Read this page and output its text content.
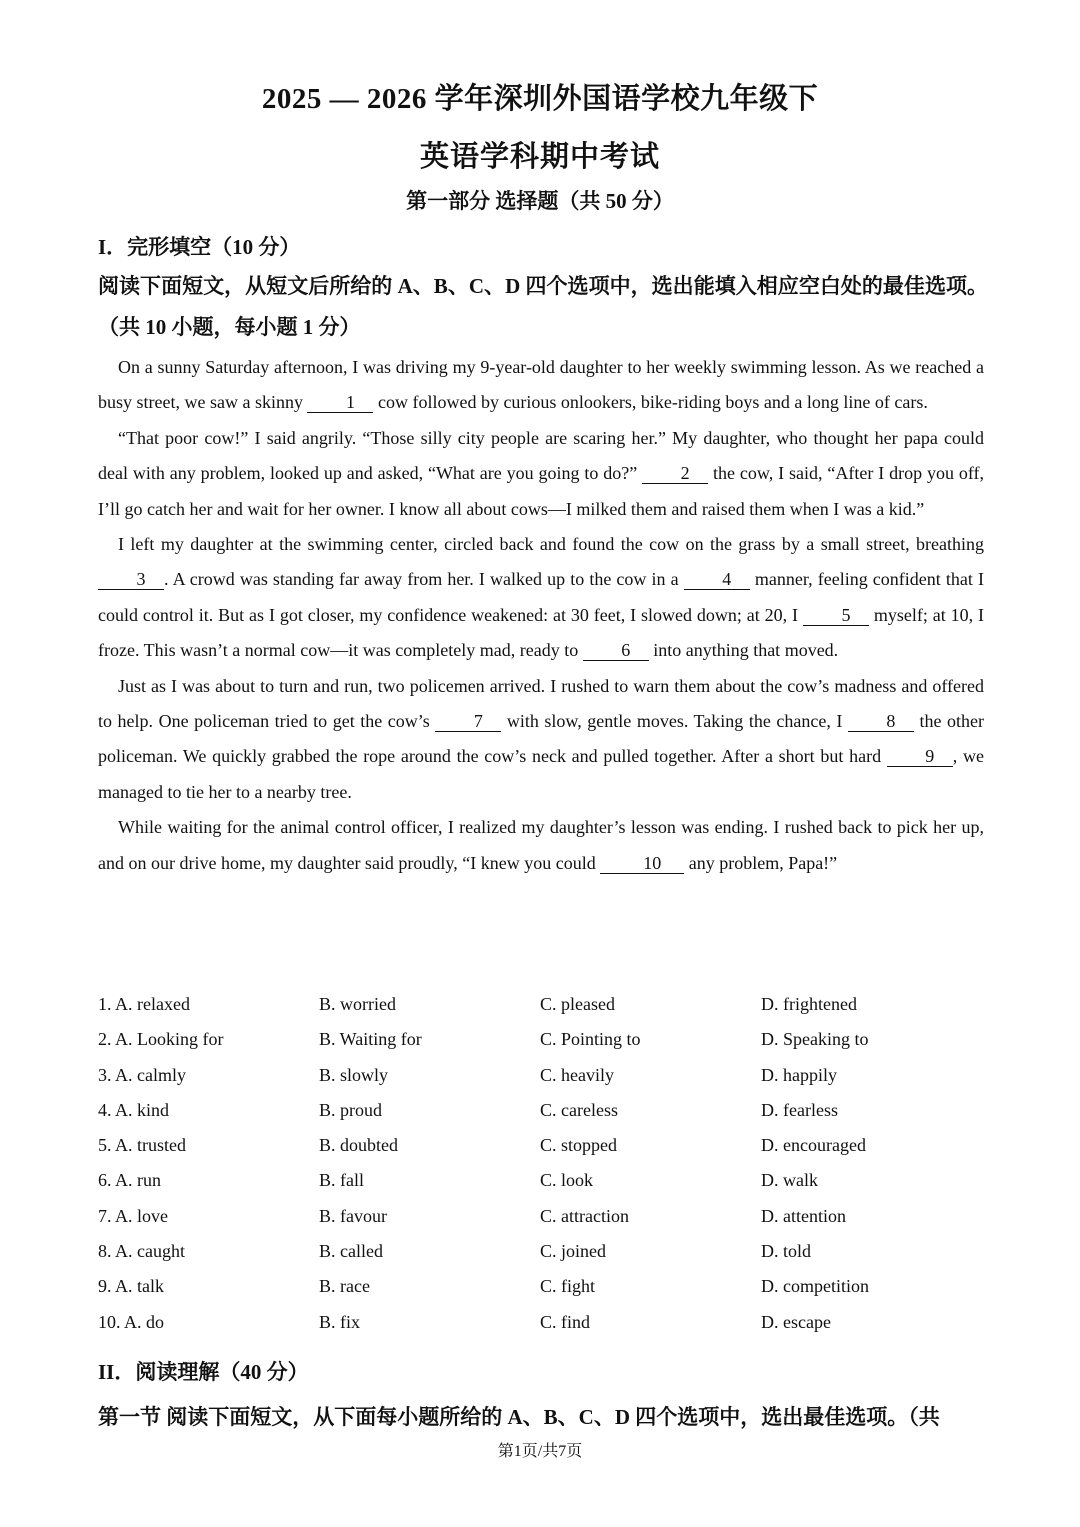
2025 — 2026 学年深圳外国语学校九年级下
英语学科期中考试
第一部分 选择题（共 50 分）
I．完形填空（10 分）
阅读下面短文，从短文后所给的 A、B、C、D 四个选项中，选出能填入相应空白处的最佳选项。（共 10 小题，每小题 1 分）

On a sunny Saturday afternoon, I was driving my 9-year-old daughter to her weekly swimming lesson. As we reached a busy street, we saw a skinny 1 cow followed by curious onlookers, bike-riding boys and a long line of cars.

“That poor cow!” I said angrily. “Those silly city people are scaring her.” My daughter, who thought her papa could deal with any problem, looked up and asked, “What are you going to do?” 2 the cow, I said, “After I drop you off, I’ll go catch her and wait for her owner. I know all about cows—I milked them and raised them when I was a kid.”

I left my daughter at the swimming center, circled back and found the cow on the grass by a small street, breathing 3 . A crowd was standing far away from her. I walked up to the cow in a 4 manner, feeling confident that I could control it. But as I got closer, my confidence weakened: at 30 feet, I slowed down; at 20, I 5 myself; at 10, I froze. This wasn’t a normal cow—it was completely mad, ready to 6 into anything that moved.

Just as I was about to turn and run, two policemen arrived. I rushed to warn them about the cow’s madness and offered to help. One policeman tried to get the cow’s 7 with slow, gentle moves. Taking the chance, I 8 the other policeman. We quickly grabbed the rope around the cow’s neck and pulled together. After a short but hard 9 , we managed to tie her to a nearby tree.

While waiting for the animal control officer, I realized my daughter’s lesson was ending. I rushed back to pick her up, and on our drive home, my daughter said proudly, “I knew you could 10 any problem, Papa!”

1. A. relaxed	B. worried	C. pleased	D. frightened
2. A. Looking for	B. Waiting for	C. Pointing to	D. Speaking to
3. A. calmly	B. slowly	C. heavily	D. happily
4. A. kind	B. proud	C. careless	D. fearless
5. A. trusted	B. doubted	C. stopped	D. encouraged
6. A. run	B. fall	C. look	D. walk
7. A. love	B. favour	C. attraction	D. attention
8. A. caught	B. called	C. joined	D. told
9. A. talk	B. race	C. fight	D. competition
10. A. do	B. fix	C. find	D. escape
II．阅读理解（40 分）
第一节 阅读下面短文，从下面每小题所给的 A、B、C、D 四个选项中，选出最佳选项。（共
第1页/共7页
